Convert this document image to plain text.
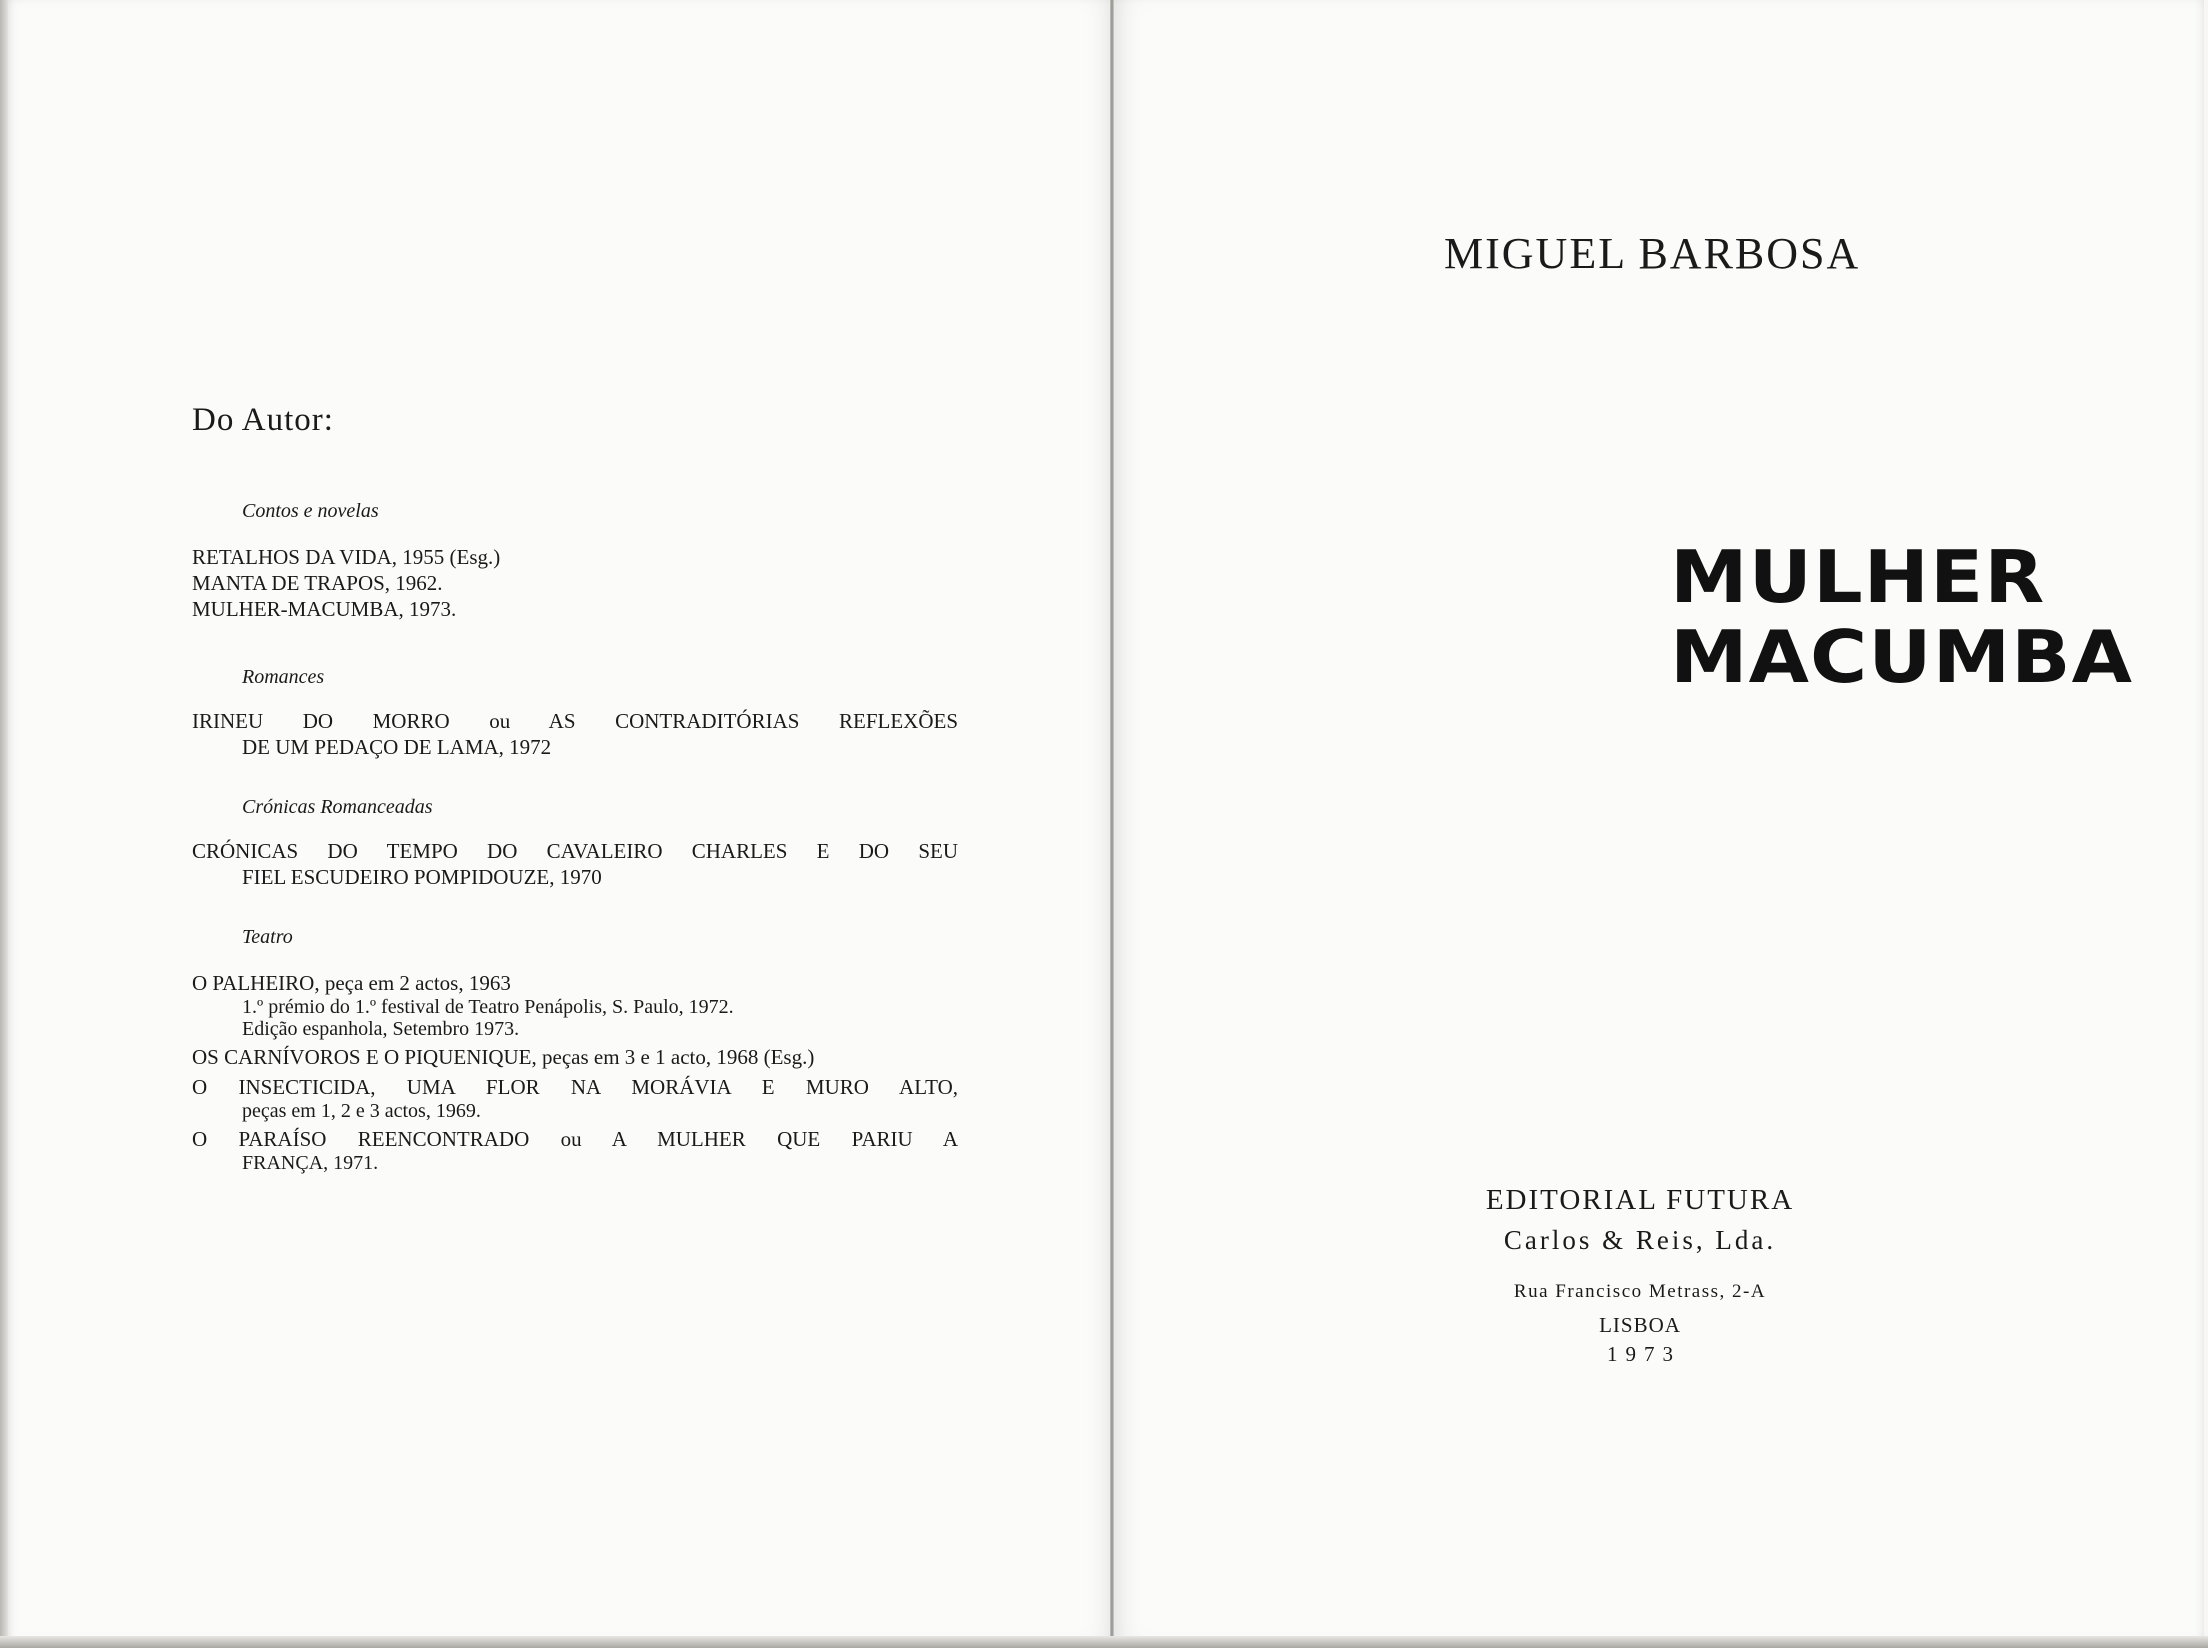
Do Autor:
Contos e novelas
RETALHOS DA VIDA, 1955 (Esg.)
MANTA DE TRAPOS, 1962.
MULHER-MACUMBA, 1973.
Romances
IRINEU DO MORRO ou AS CONTRADITÓRIAS REFLEXÕES
DE UM PEDAÇO DE LAMA, 1972
Crónicas Romanceadas
CRÓNICAS DO TEMPO DO CAVALEIRO CHARLES E DO SEU
FIEL ESCUDEIRO POMPIDOUZE, 1970
Teatro
O PALHEIRO, peça em 2 actos, 1963
1.º prémio do 1.º festival de Teatro Penápolis, S. Paulo, 1972.
Edição espanhola, Setembro 1973.
OS CARNÍVOROS E O PIQUENIQUE, peças em 3 e 1 acto, 1968 (Esg.)
O INSECTICIDA, UMA FLOR NA MORÁVIA E MURO ALTO,
peças em 1, 2 e 3 actos, 1969.
O PARAÍSO REENCONTRADO ou A MULHER QUE PARIU A
FRANÇA, 1971.
MIGUEL BARBOSA
MULHER
MACUMBA
EDITORIAL FUTURA
Carlos & Reis, Lda.
Rua Francisco Metrass, 2-A
LISBOA
1973
